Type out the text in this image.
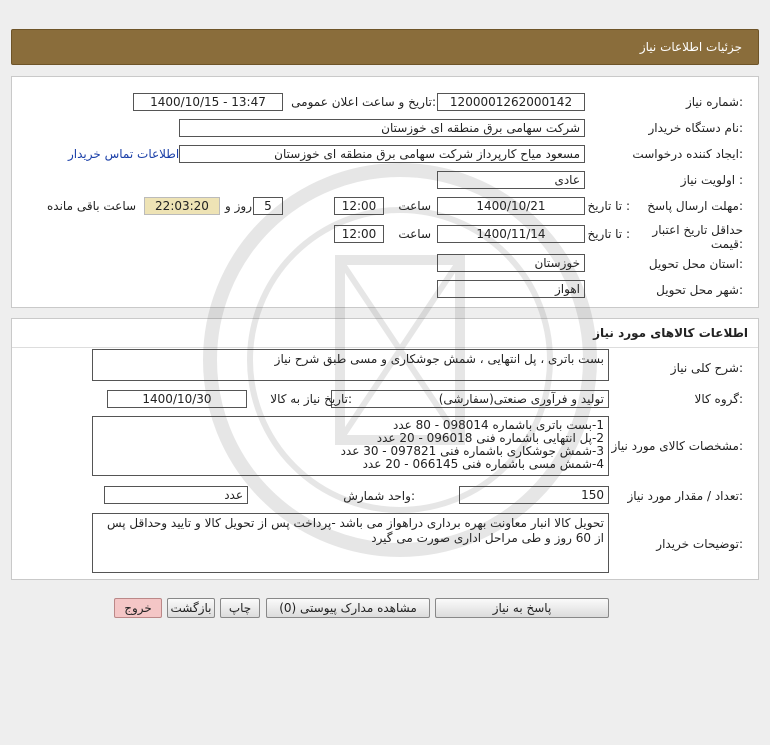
جزئیات اطلاعات نیاز
شماره نیاز:
1200001262000142
تاریخ و ساعت اعلان عمومی:
1400/10/15 - 13:47
نام دستگاه خریدار:
شرکت سهامی برق منطقه ای خوزستان
ایجاد کننده درخواست:
مسعود میاح کارپرداز شرکت سهامی برق منطقه ای خوزستان
اطلاعات تماس خریدار
اولویت نیاز :
عادی
مهلت ارسال پاسخ:
تا تاریخ :
1400/10/21
ساعت
12:00
5
روز و
22:03:20
ساعت باقی مانده
حداقل تاریخ اعتبار قیمت:
تا تاریخ :
1400/11/14
ساعت
12:00
استان محل تحویل:
خوزستان
شهر محل تحویل:
اهواز
اطلاعات کالاهای مورد نیاز
شرح کلی نیاز:
بست باتری ، پل انتهایی ، شمش جوشکاری و مسی طبق شرح نیاز
گروه کالا:
تولید و فرآوری صنعتی(سفارشی)
تاریخ نیاز به کالا:
1400/10/30
مشخصات کالای مورد نیاز:
1-بست باتری باشماره 098014 - 80 عدد
2-پل انتهایی باشماره فنی 096018 - 20 عدد
3-شمش جوشکاری باشماره فنی 097821 - 30 عدد
4-شمش مسی باشماره فنی 066145 - 20 عدد
تعداد / مقدار مورد نیاز:
150
واحد شمارش:
عدد
توضیحات خریدار:
تحویل کالا انبار معاونت بهره برداری دراهواز می باشد -پرداخت پس از تحویل کالا و تایید وحداقل پس از 60 روز و طی مراحل اداری صورت می گیرد
پاسخ به نیاز
مشاهده مدارک پیوستی (0)
چاپ
بازگشت
خروج
